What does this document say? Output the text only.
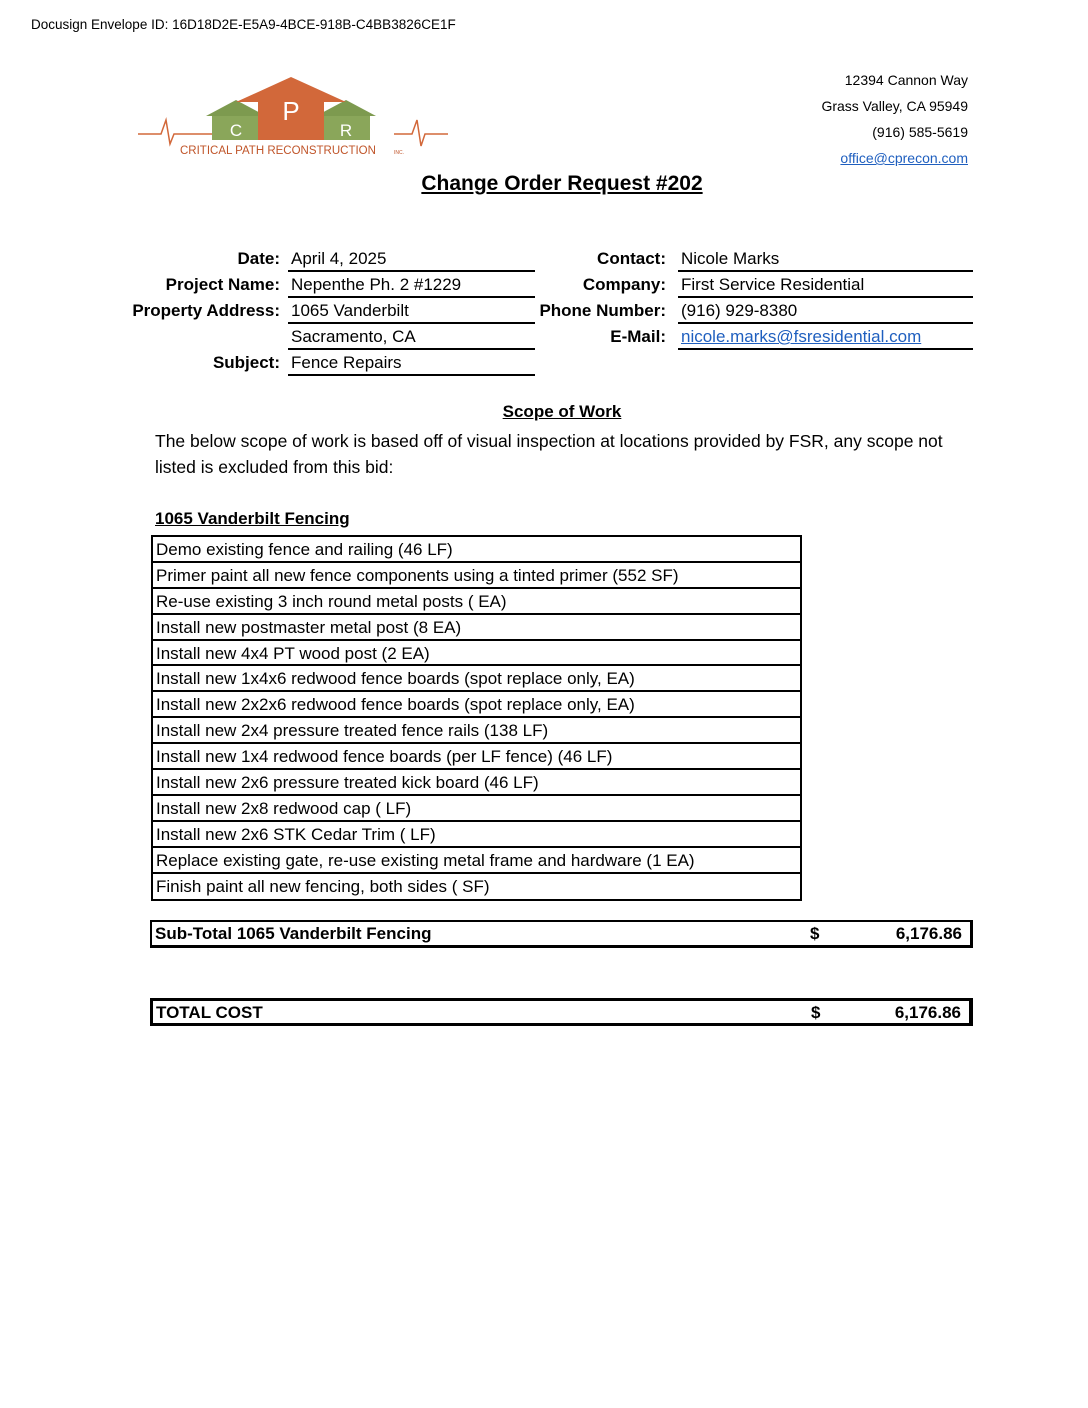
Docusign Envelope ID: 16D18D2E-E5A9-4BCE-918B-C4BB3826CE1F
P
C	R
CRITICAL PATH RECONSTRUCTION	INC.
12394 Cannon Way
Grass Valley, CA 95949
(916) 585-5619
office@cprecon.com
Change Order Request #202
Date: April 4, 2025
Project Name: Nepenthe Ph. 2 #1229
Property Address: 1065 Vanderbilt
Sacramento, CA
Subject: Fence Repairs
Contact: Nicole Marks
Company: First Service Residential
Phone Number: (916) 929-8380
E-Mail: nicole.marks@fsresidential.com
Scope of Work
The below scope of work is based off of visual inspection at locations provided by FSR, any scope not listed is excluded from this bid:
1065 Vanderbilt Fencing
Demo existing fence and railing (46 LF)
Primer paint all new fence components using a tinted primer (552 SF)
Re-use existing 3 inch round metal posts ( EA)
Install new postmaster metal post (8 EA)
Install new 4x4 PT wood post (2 EA)
Install new 1x4x6 redwood fence boards (spot replace only, EA)
Install new 2x2x6 redwood fence boards (spot replace only, EA)
Install new 2x4 pressure treated fence rails (138 LF)
Install new 1x4 redwood fence boards (per LF fence) (46 LF)
Install new 2x6 pressure treated kick board (46 LF)
Install new 2x8 redwood cap ( LF)
Install new 2x6 STK Cedar Trim ( LF)
Replace existing gate, re-use existing metal frame and hardware (1 EA)
Finish paint all new fencing, both sides ( SF)
Sub-Total 1065 Vanderbilt Fencing	$	6,176.86
TOTAL COST	$	6,176.86
